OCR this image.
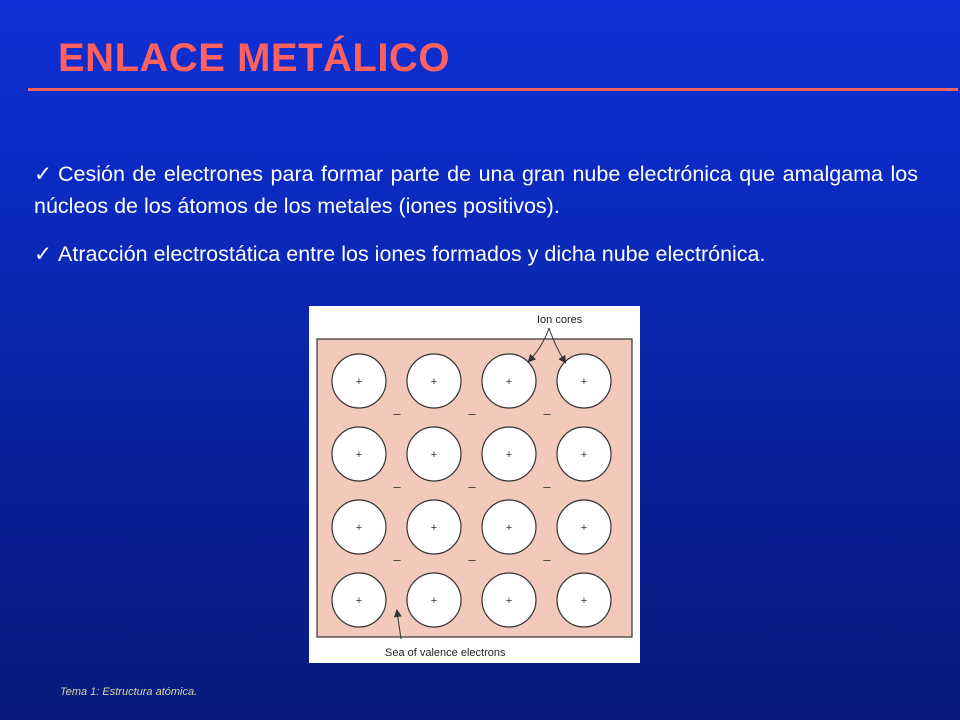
ENLACE METÁLICO

✓ Cesión de electrones para formar parte de una gran nube electrónica que amalgama los núcleos de los átomos de los metales (iones positivos).

✓ Atracción electrostática entre los iones formados y dicha nube electrónica.

+	+	+	+
+	+	+	+
+	+	+	+
+	+	+	+
–	–	–
–	–	–
–	–	–
Ion cores
Sea of valence electrons
Tema 1: Estructura atómica.
